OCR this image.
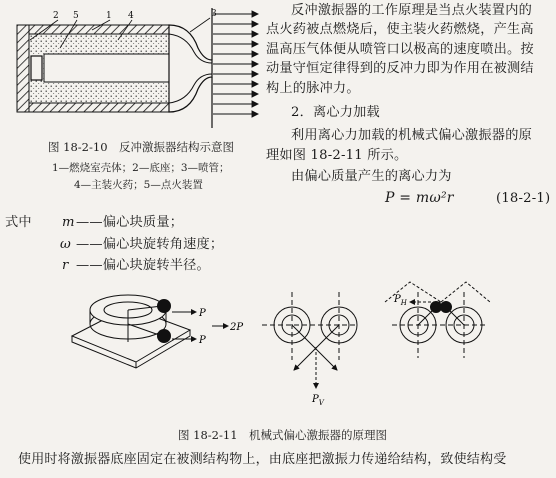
2 5	1 4	3
图 18-2-10　反冲激振器结构示意图
1—燃烧室壳体；2—底座；3—喷管；
4—主装火药；5—点火装置
反冲激振器的工作原理是当点火装置内的
点火药被点燃烧后，使主装火药燃烧，产生高
温高压气体便从喷管口以极高的速度喷出。按
动量守恒定律得到的反冲力即为作用在被测结
构上的脉冲力。
2．离心力加载
利用离心力加载的机械式偏心激振器的原
理如图 18-2-11 所示。
由偏心质量产生的离心力为
P = mω²r	(18-2-1)
式中 m ——偏心块质量；
ω ——偏心块旋转角速度；
r ——偏心块旋转半径。
P
P
2P
$P_V$
$P_H$
图 18-2-11　机械式偏心激振器的原理图
使用时将激振器底座固定在被测结构物上，由底座把激振力传递给结构，致使结构受
